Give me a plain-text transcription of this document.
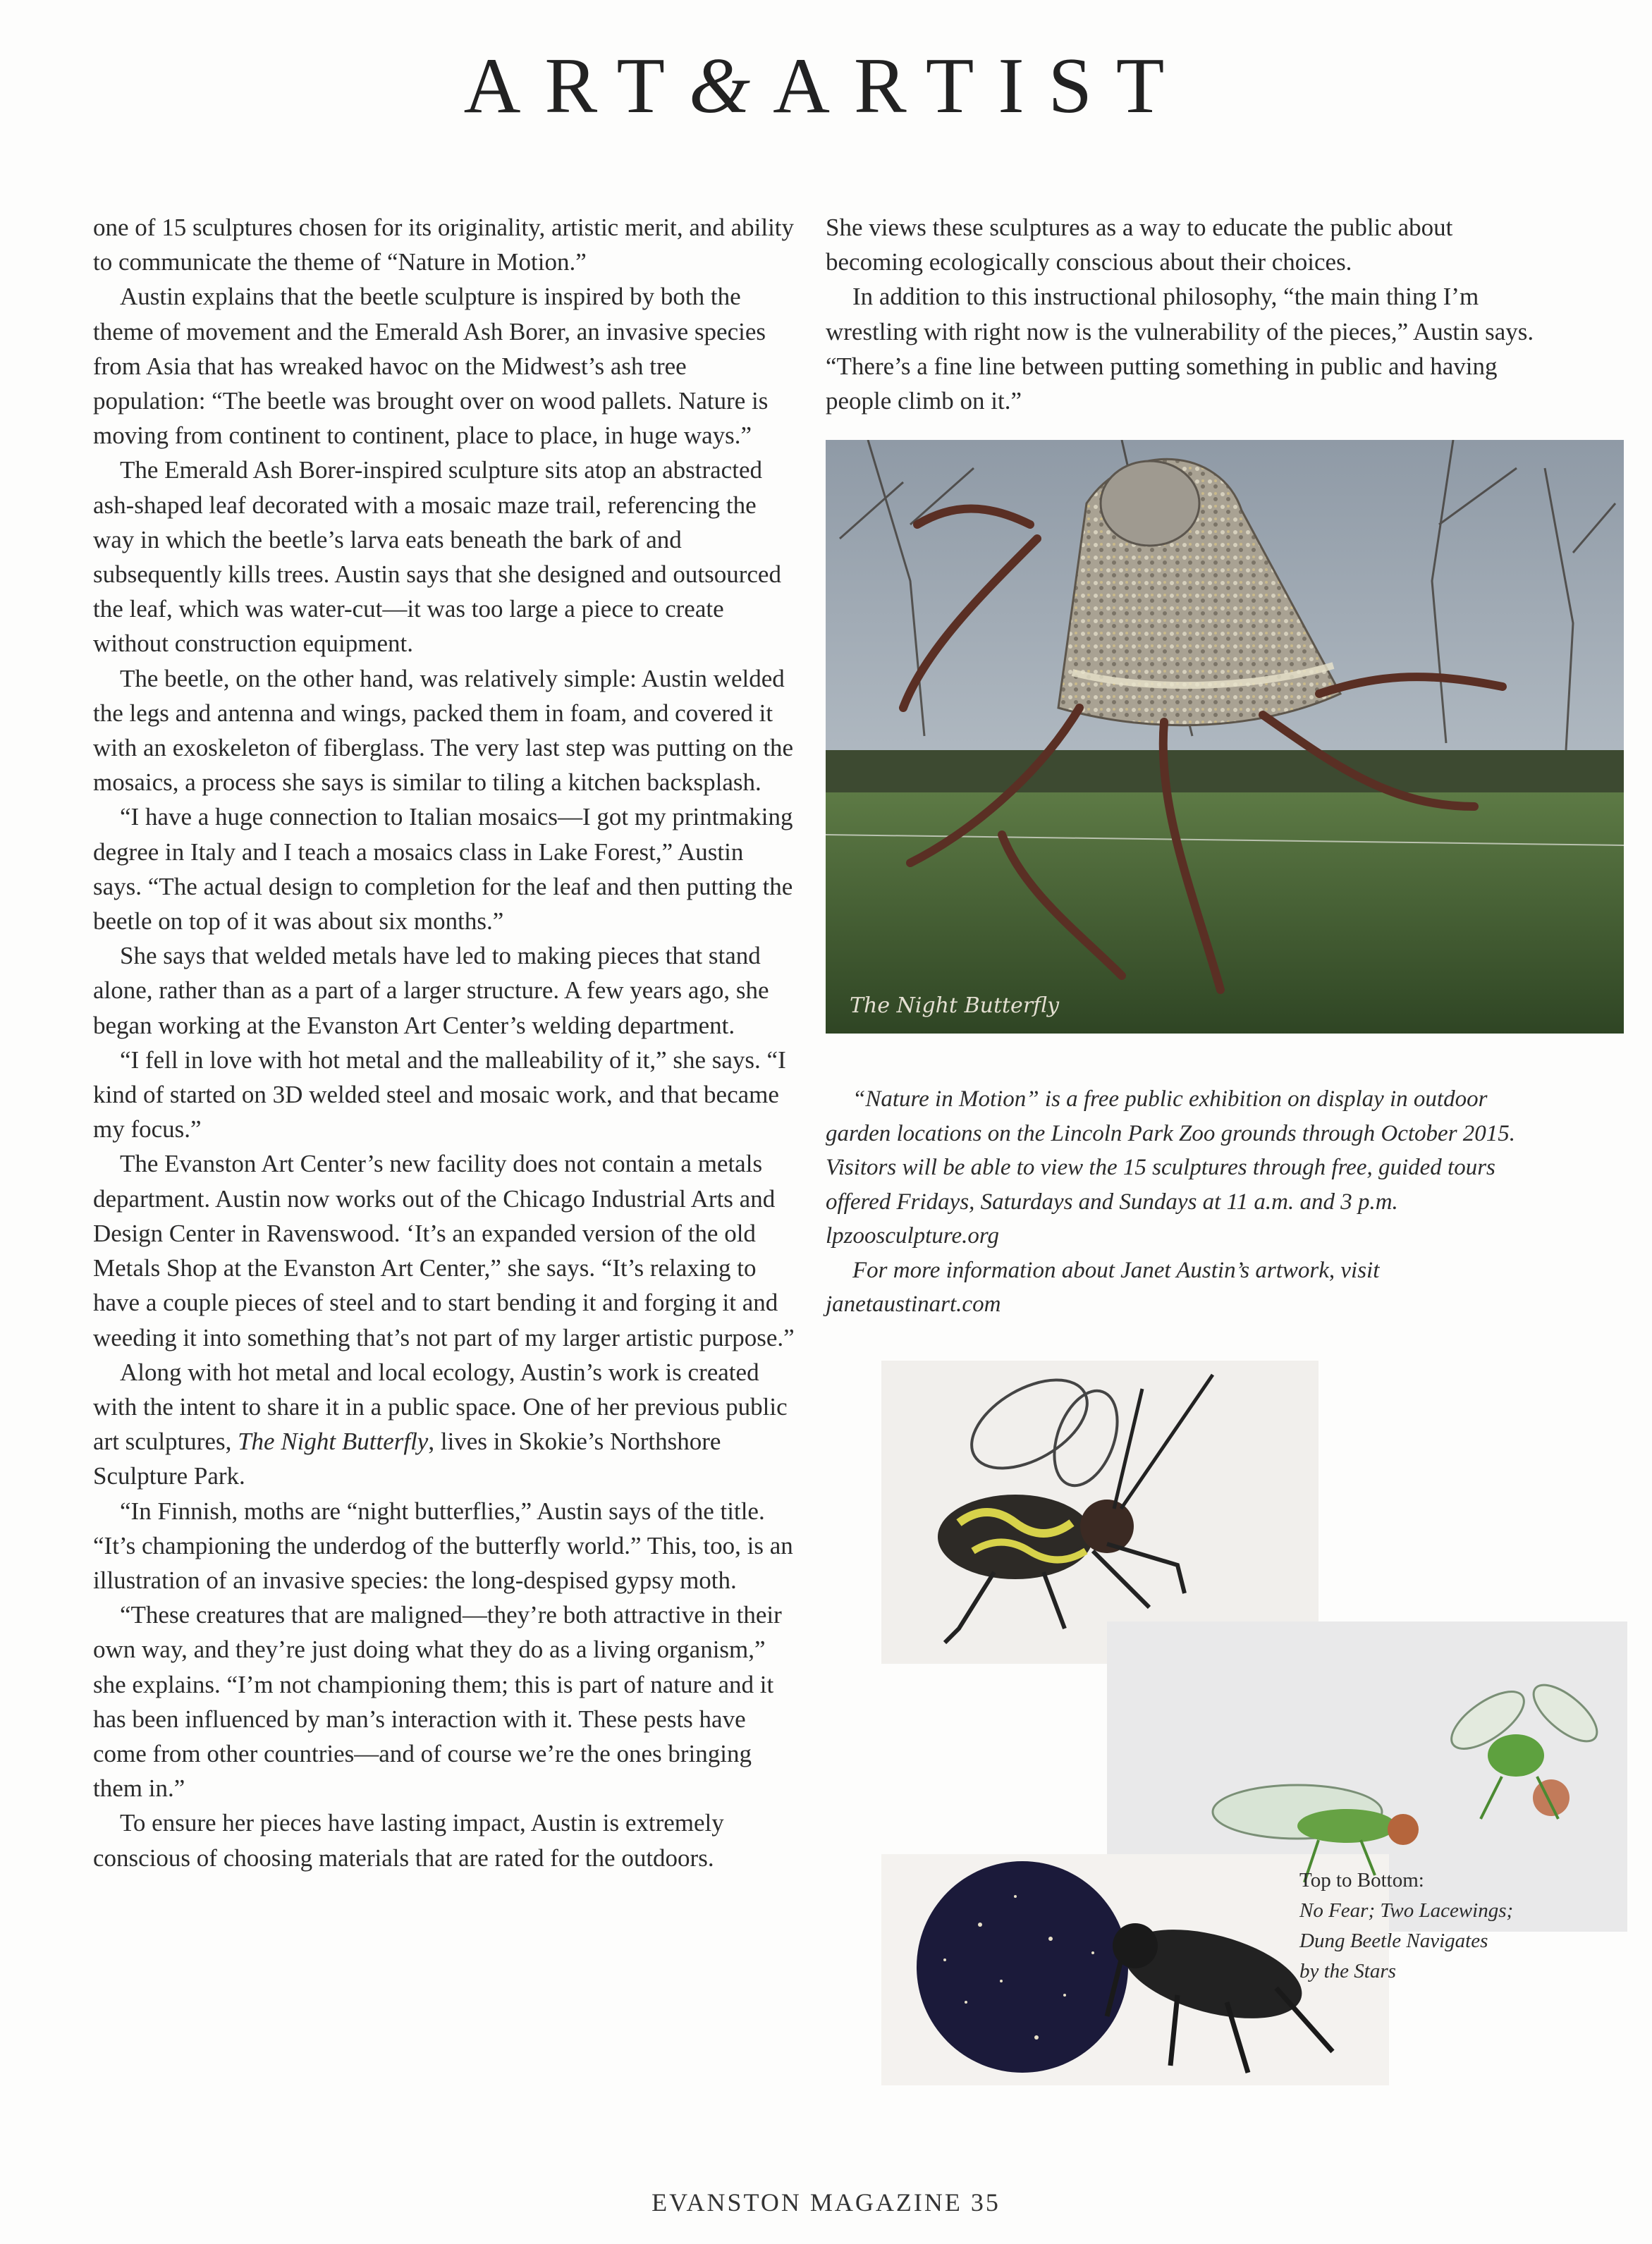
ART& ARTIST

one of 15 sculptures chosen for its originality, artistic merit, and ability to communicate the theme of “Nature in Motion.”

Austin explains that the beetle sculpture is inspired by both the theme of movement and the Emerald Ash Borer, an invasive species from Asia that has wreaked havoc on the Midwest’s ash tree population: “The beetle was brought over on wood pallets. Nature is moving from continent to continent, place to place, in huge ways.”

The Emerald Ash Borer-inspired sculpture sits atop an abstracted ash-shaped leaf decorated with a mosaic maze trail, referencing the way in which the beetle’s larva eats beneath the bark of and subsequently kills trees. Austin says that she designed and outsourced the leaf, which was water-cut—it was too large a piece to create without construction equipment.

The beetle, on the other hand, was relatively simple: Austin welded the legs and antenna and wings, packed them in foam, and covered it with an exoskeleton of fiberglass. The very last step was putting on the mosaics, a process she says is similar to tiling a kitchen backsplash.

“I have a huge connection to Italian mosaics—I got my printmaking degree in Italy and I teach a mosaics class in Lake Forest,” Austin says. “The actual design to completion for the leaf and then putting the beetle on top of it was about six months.”

She says that welded metals have led to making pieces that stand alone, rather than as a part of a larger structure. A few years ago, she began working at the Evanston Art Center’s welding department.

“I fell in love with hot metal and the malleability of it,” she says. “I kind of started on 3D welded steel and mosaic work, and that became my focus.”

The Evanston Art Center’s new facility does not contain a metals department. Austin now works out of the Chicago Industrial Arts and Design Center in Ravenswood. ‘It’s an expanded version of the old Metals Shop at the Evanston Art Center,” she says. “It’s relaxing to have a couple pieces of steel and to start bending it and forging it and weeding it into something that’s not part of my larger artistic purpose.”

Along with hot metal and local ecology, Austin’s work is created with the intent to share it in a public space. One of her previous public art sculptures, The Night Butterfly, lives in Skokie’s Northshore Sculpture Park.

“In Finnish, moths are “night butterflies,” Austin says of the title. “It’s championing the underdog of the butterfly world.” This, too, is an illustration of an invasive species: the long-despised gypsy moth.

“These creatures that are maligned—they’re both attractive in their own way, and they’re just doing what they do as a living organism,” she explains. “I’m not championing them; this is part of nature and it has been influenced by man’s interaction with it. These pests have come from other countries—and of course we’re the ones bringing them in.”

To ensure her pieces have lasting impact, Austin is extremely conscious of choosing materials that are rated for the outdoors.

She views these sculptures as a way to educate the public about becoming ecologically conscious about their choices.

In addition to this instructional philosophy, “the main thing I’m wrestling with right now is the vulnerability of the pieces,” Austin says. “There’s a fine line between putting something in public and having people climb on it.”

The Night Butterfly

“Nature in Motion” is a free public exhibition on display in outdoor garden locations on the Lincoln Park Zoo grounds through October 2015. Visitors will be able to view the 15 sculptures through free, guided tours offered Fridays, Saturdays and Sundays at 11 a.m. and 3 p.m. lpzoosculpture.org

For more information about Janet Austin’s artwork, visit janetaustinart.com

Top to Bottom:
No Fear; Two Lacewings;
Dung Beetle Navigates
by the Stars
EVANSTON MAGAZINE 35
